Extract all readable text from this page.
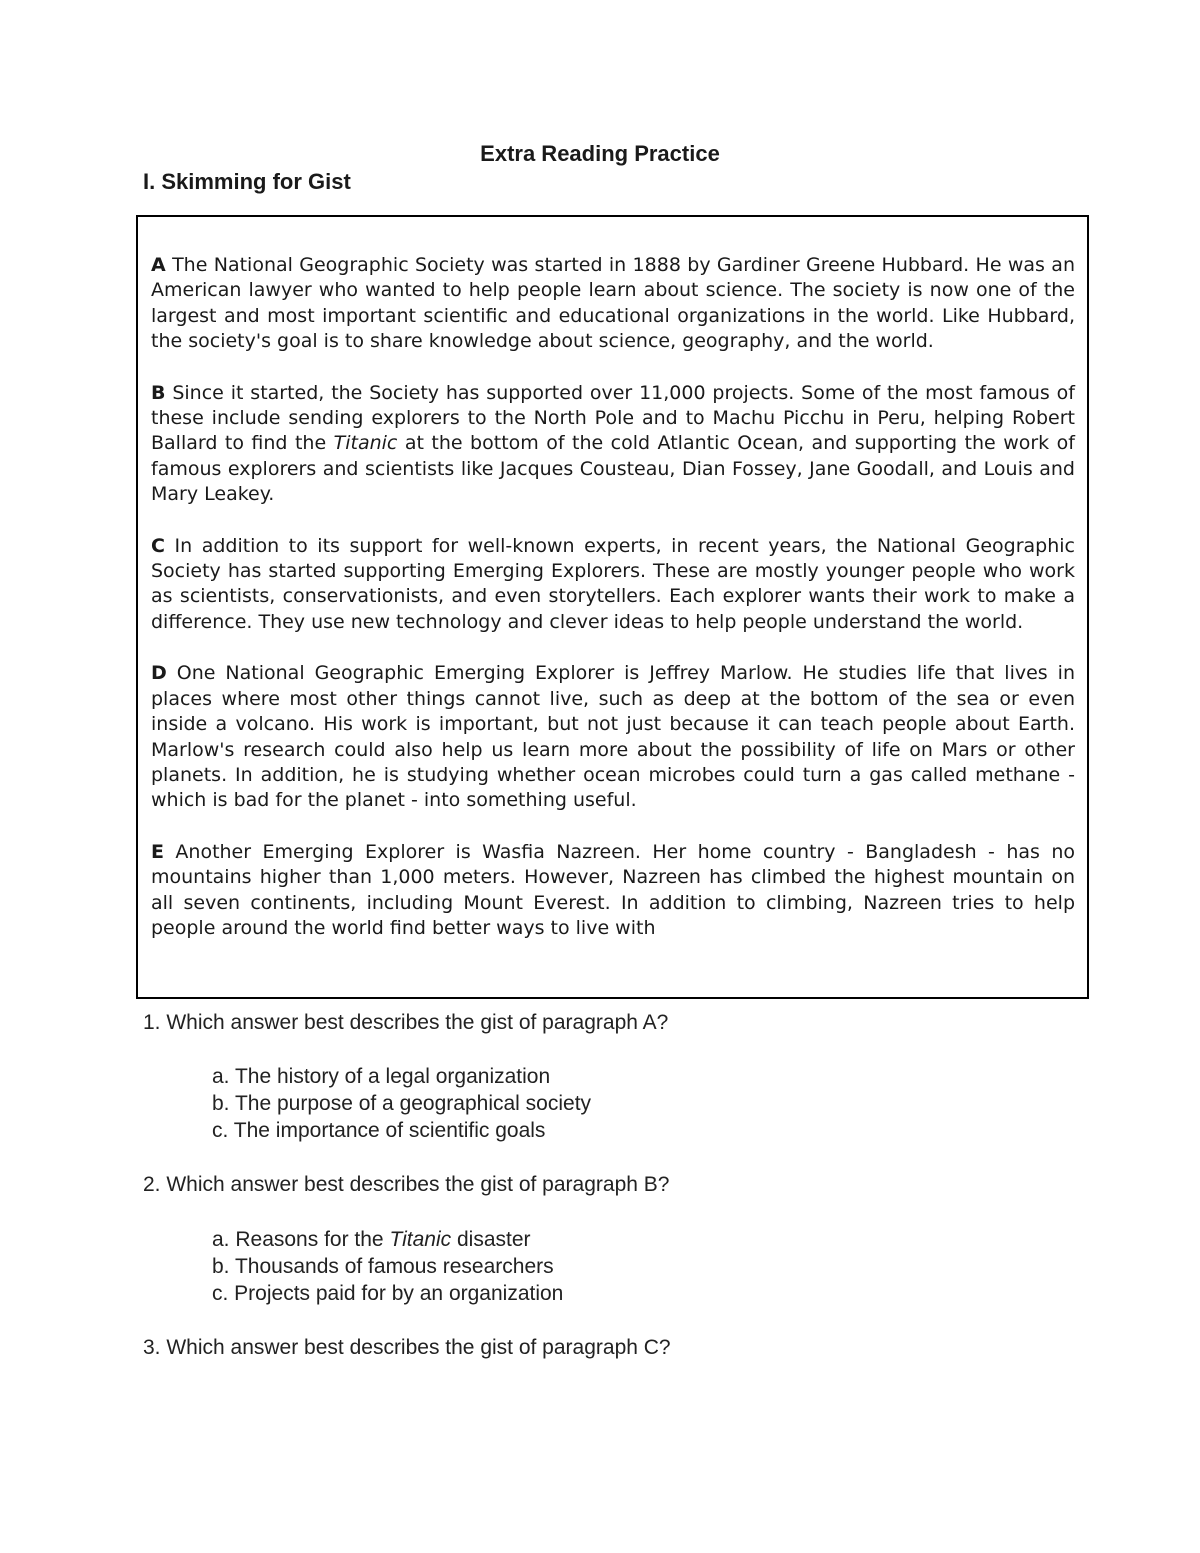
Extra Reading Practice
I. Skimming for Gist

A The National Geographic Society was started in 1888 by Gardiner Greene Hubbard. He was an American lawyer who wanted to help people learn about science. The society is now one of the largest and most important scientific and educational organizations in the world. Like Hubbard, the society's goal is to share knowledge about science, geography, and the world.

B Since it started, the Society has supported over 11,000 projects. Some of the most famous of these include sending explorers to the North Pole and to Machu Picchu in Peru, helping Robert Ballard to find the Titanic at the bottom of the cold Atlantic Ocean, and supporting the work of famous explorers and scientists like Jacques Cousteau, Dian Fossey, Jane Goodall, and Louis and Mary Leakey.

C In addition to its support for well-known experts, in recent years, the National Geographic Society has started supporting Emerging Explorers. These are mostly younger people who work as scientists, conservationists, and even storytellers. Each explorer wants their work to make a difference. They use new technology and clever ideas to help people understand the world.

D One National Geographic Emerging Explorer is Jeffrey Marlow. He studies life that lives in places where most other things cannot live, such as deep at the bottom of the sea or even inside a volcano. His work is important, but not just because it can teach people about Earth. Marlow's research could also help us learn more about the possibility of life on Mars or other planets. In addition, he is studying whether ocean microbes could turn a gas called methane - which is bad for the planet - into something useful.

E Another Emerging Explorer is Wasfia Nazreen. Her home country - Bangladesh - has no mountains higher than 1,000 meters. However, Nazreen has climbed the highest mountain on all seven continents, including Mount Everest. In addition to climbing, Nazreen tries to help people around the world find better ways to live with

1. Which answer best describes the gist of paragraph A?

a. The history of a legal organization
b. The purpose of a geographical society
c. The importance of scientific goals

2. Which answer best describes the gist of paragraph B?

a. Reasons for the Titanic disaster
b. Thousands of famous researchers
c. Projects paid for by an organization

3. Which answer best describes the gist of paragraph C?
